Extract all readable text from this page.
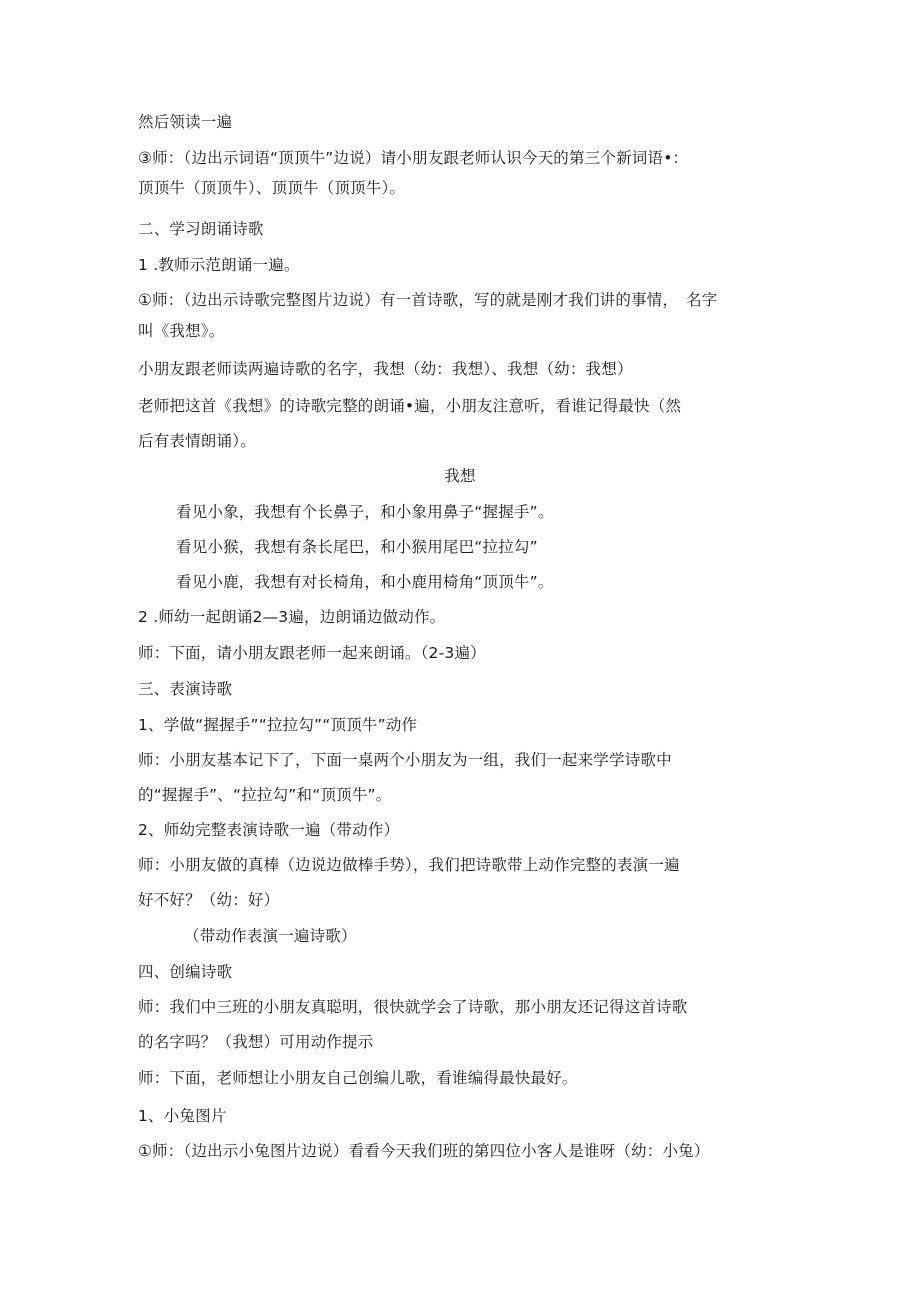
然后领读一遍
③师：（边出示词语“顶顶牛”边说）请小朋友跟老师认识今天的第三个新词语•：
顶顶牛（顶顶牛）、顶顶牛（顶顶牛）。
二、学习朗诵诗歌
1 .教师示范朗诵一遍。
①师：（边出示诗歌完整图片边说）有一首诗歌，写的就是刚才我们讲的事情，　名字
叫《我想》。
小朋友跟老师读两遍诗歌的名字，我想（幼：我想）、我想（幼：我想）
老师把这首《我想》的诗歌完整的朗诵•遍，小朋友注意听，看谁记得最快（然
后有表情朗诵）。
我想
看见小象，我想有个长鼻子，和小象用鼻子“握握手”。
看见小猴，我想有条长尾巴，和小猴用尾巴“拉拉勾”
看见小鹿，我想有对长椅角，和小鹿用椅角“顶顶牛”。
2 .师幼一起朗诵2—3遍，边朗诵边做动作。
师：下面，请小朋友跟老师一起来朗诵。（2-3遍）
三、表演诗歌
1、学做“握握手”“拉拉勾”“顶顶牛”动作
师：小朋友基本记下了，下面一桌两个小朋友为一组，我们一起来学学诗歌中
的“握握手”、“拉拉勾”和“顶顶牛”。
2、师幼完整表演诗歌一遍（带动作）
师：小朋友做的真棒（边说边做棒手势），我们把诗歌带上动作完整的表演一遍
好不好？（幼：好）
（带动作表演一遍诗歌）
四、创编诗歌
师：我们中三班的小朋友真聪明，很快就学会了诗歌，那小朋友还记得这首诗歌
的名字吗？（我想）可用动作提示
师：下面，老师想让小朋友自己创编儿歌，看谁编得最快最好。
1、小兔图片
①师：（边出示小兔图片边说）看看今天我们班的第四位小客人是谁呀（幼：小兔）
